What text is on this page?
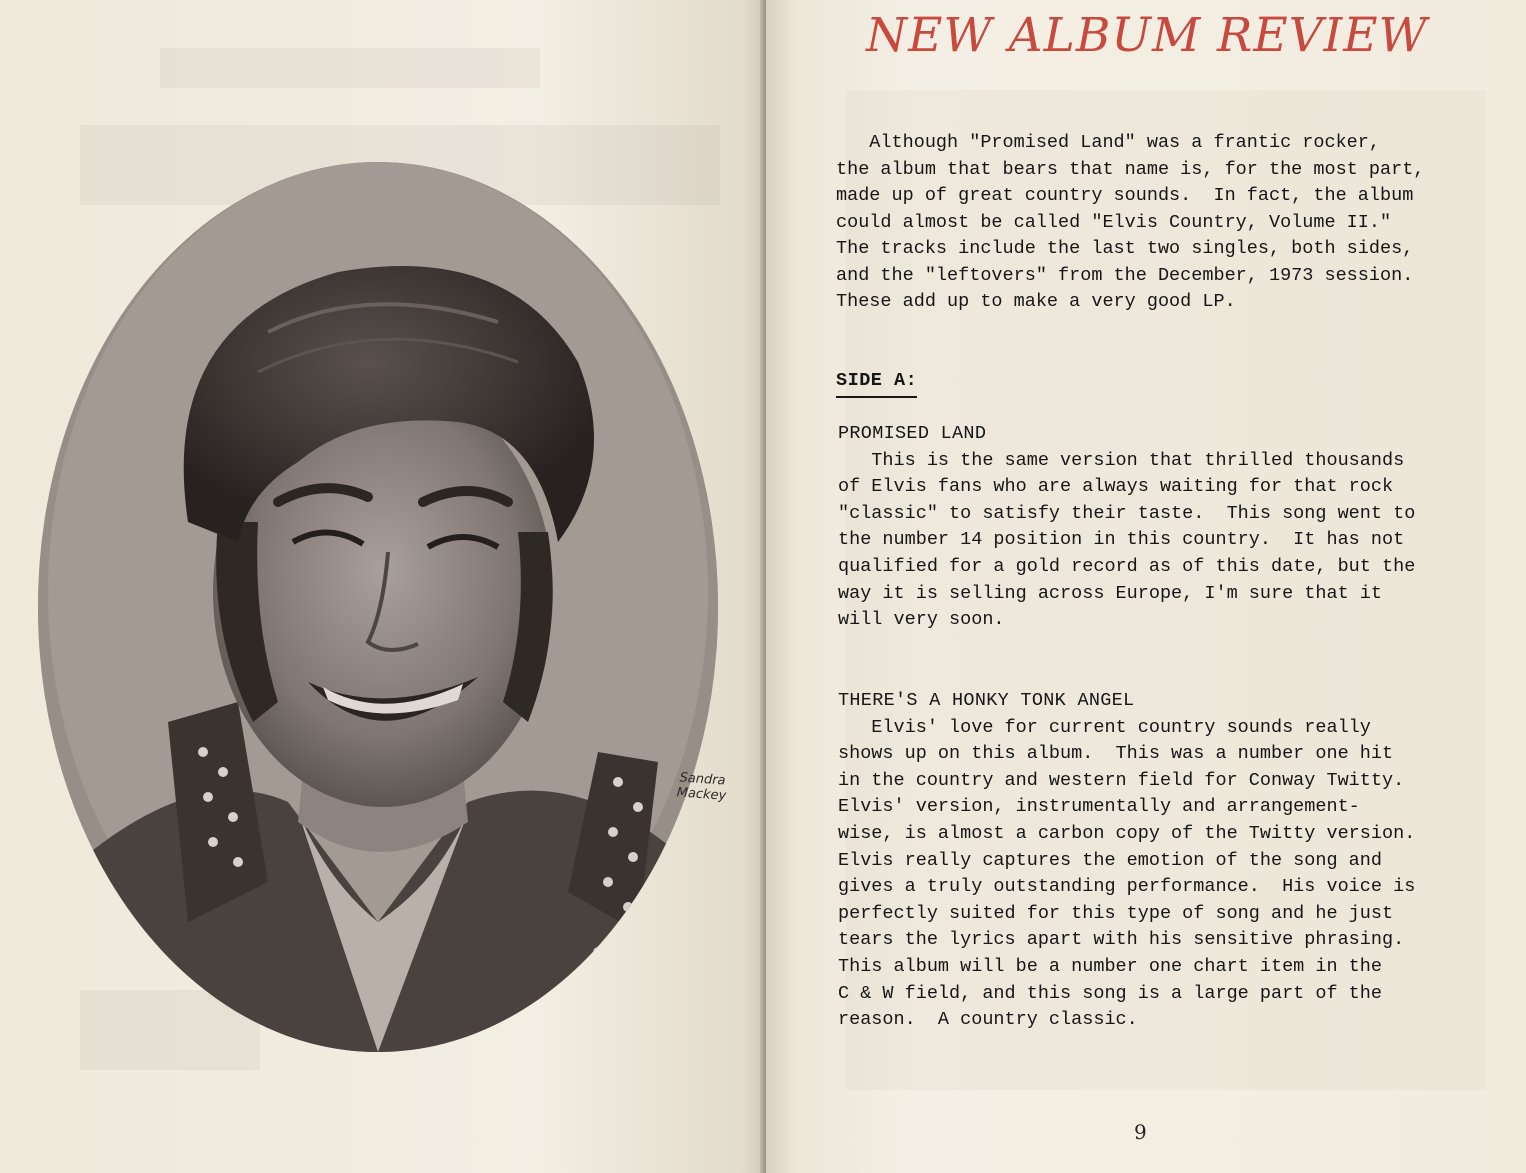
Sandra
Mackey
NEW ALBUM REVIEW
Although "Promised Land" was a frantic rocker,
the album that bears that name is, for the most part,
made up of great country sounds.  In fact, the album
could almost be called "Elvis Country, Volume II."
The tracks include the last two singles, both sides,
and the "leftovers" from the December, 1973 session.
These add up to make a very good LP.
SIDE A:
PROMISED LAND
This is the same version that thrilled thousands
of Elvis fans who are always waiting for that rock
"classic" to satisfy their taste.  This song went to
the number 14 position in this country.  It has not
qualified for a gold record as of this date, but the
way it is selling across Europe, I'm sure that it
will very soon.
THERE'S A HONKY TONK ANGEL
Elvis' love for current country sounds really
shows up on this album.  This was a number one hit
in the country and western field for Conway Twitty.
Elvis' version, instrumentally and arrangement-
wise, is almost a carbon copy of the Twitty version.
Elvis really captures the emotion of the song and
gives a truly outstanding performance.  His voice is
perfectly suited for this type of song and he just
tears the lyrics apart with his sensitive phrasing.
This album will be a number one chart item in the
C & W field, and this song is a large part of the
reason.  A country classic.
9
